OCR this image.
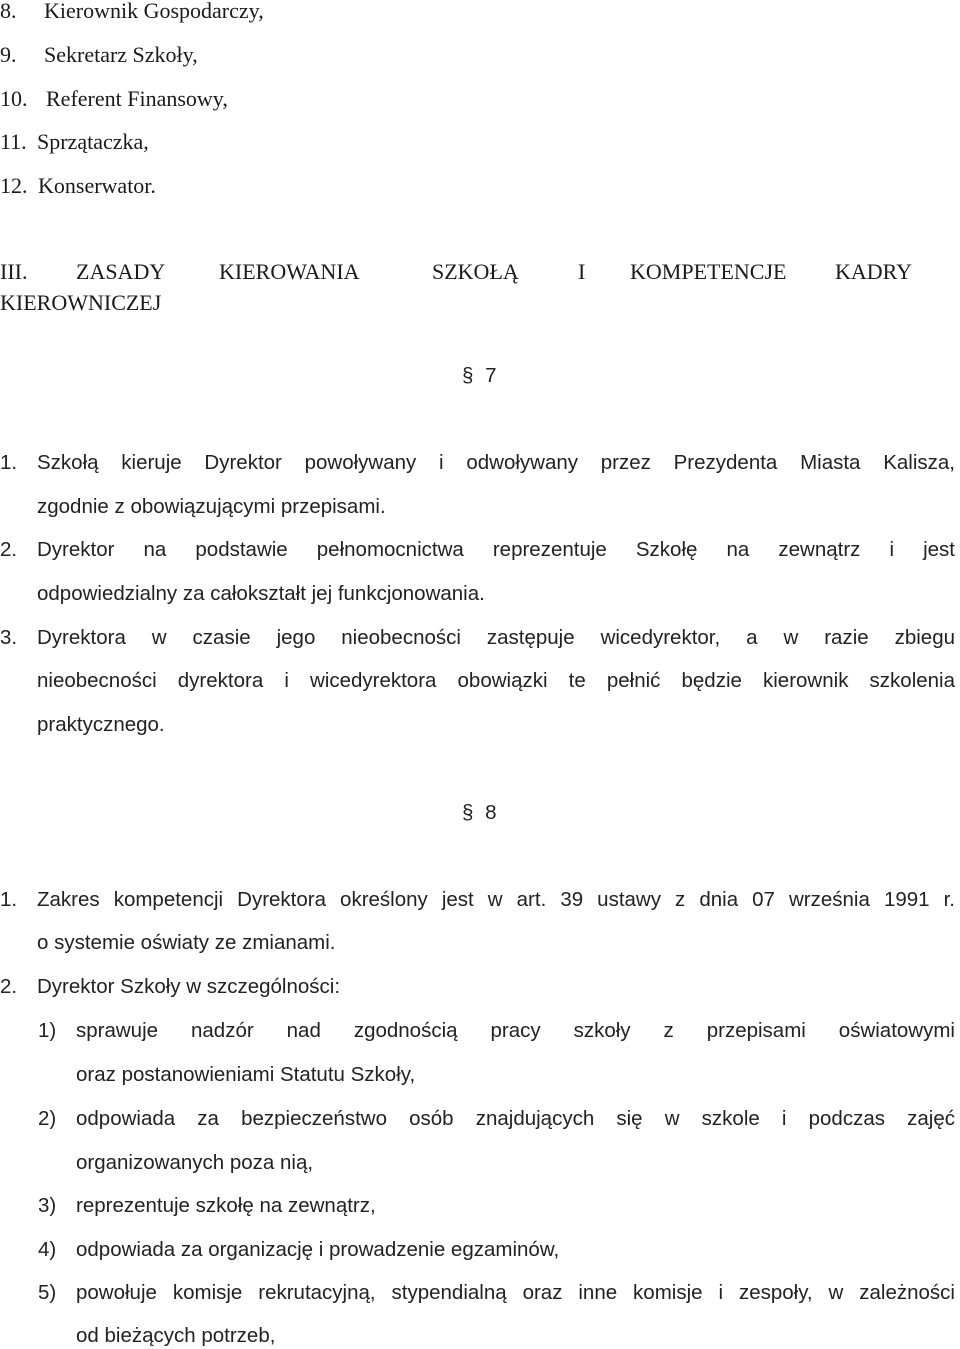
8. Kierownik Gospodarczy,
9. Sekretarz Szkoły,
10. Referent Finansowy,
11. Sprzątaczka,
12. Konserwator.
III. ZASADY KIEROWANIA	SZKOŁĄ	I KOMPETENCJE KADRY
KIEROWNICZEJ
§ 7
1. Szkołą kieruje Dyrektor powoływany i odwoływany przez Prezydenta Miasta Kalisza,
zgodnie z obowiązującymi przepisami.
2. Dyrektor na podstawie pełnomocnictwa reprezentuje Szkołę na zewnątrz i jest
odpowiedzialny za całokształt jej funkcjonowania.
3. Dyrektora w czasie jego nieobecności zastępuje wicedyrektor, a w razie zbiegu
nieobecności dyrektora i wicedyrektora obowiązki te pełnić będzie kierownik szkolenia
praktycznego.
§ 8
1. Zakres kompetencji Dyrektora określony jest w art. 39 ustawy z dnia 07 września 1991 r.
o systemie oświaty ze zmianami.
2. Dyrektor Szkoły w szczególności:
1) sprawuje nadzór nad zgodnością pracy szkoły z przepisami oświatowymi
oraz postanowieniami Statutu Szkoły,
2) odpowiada za bezpieczeństwo osób znajdujących się w szkole i podczas zajęć
organizowanych poza nią,
3) reprezentuje szkołę na zewnątrz,
4) odpowiada za organizację i prowadzenie egzaminów,
5) powołuje komisje rekrutacyjną, stypendialną oraz inne komisje i zespoły, w zależności
od bieżących potrzeb,
